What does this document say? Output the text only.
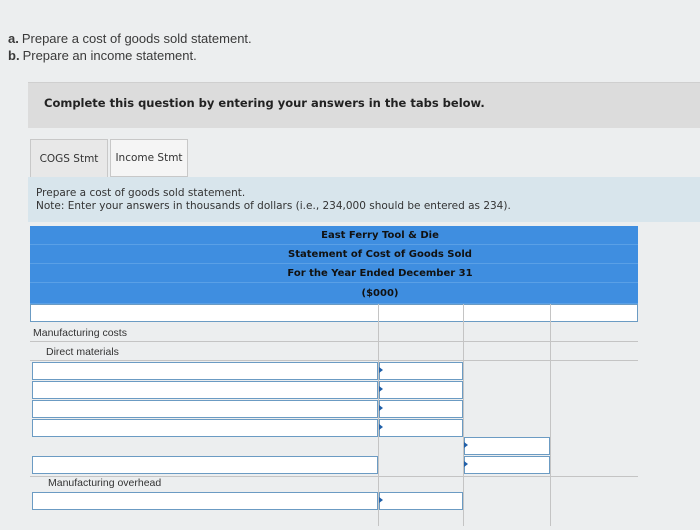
a. Prepare a cost of goods sold statement.
b. Prepare an income statement.
Complete this question by entering your answers in the tabs below.
COGS Stmt Income Stmt
Prepare a cost of goods sold statement.
Note: Enter your answers in thousands of dollars (i.e., 234,000 should be entered as 234).
East Ferry Tool & Die
Statement of Cost of Goods Sold
For the Year Ended December 31
($000)
Manufacturing costs
Direct materials
Manufacturing overhead
